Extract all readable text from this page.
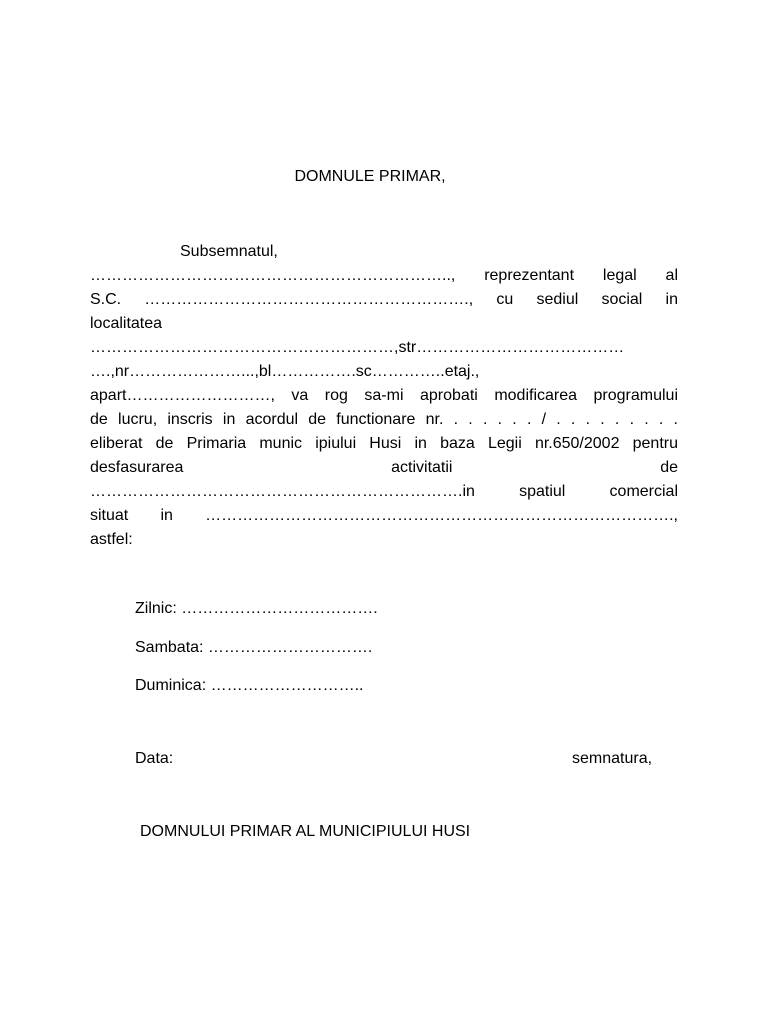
DOMNULE PRIMAR,
Subsemnatul,
………………………………………………………….., reprezentant legal al
S.C. ……………………………………………………., cu sediul social in
localitatea
…………………………………………………,str…………………………………
….,nr…………………...,bl…………….sc…………..etaj.,
apart………………………, va rog sa-mi aprobati modificarea programului
de lucru, inscris in acordul de functionare nr. . . . . . . / . . . . . . . . .
eliberat de Primaria munic ipiului Husi in baza Legii nr.650/2002 pentru
desfasurarea activitatii de
…………………………………………………………….in spatiul comercial
situat in …………………………………………………………………………….,
astfel:
Zilnic: ……………………………….
Sambata: ………………………….
Duminica: ………………………..
Data:	semnatura,
DOMNULUI PRIMAR AL MUNICIPIULUI HUSI
